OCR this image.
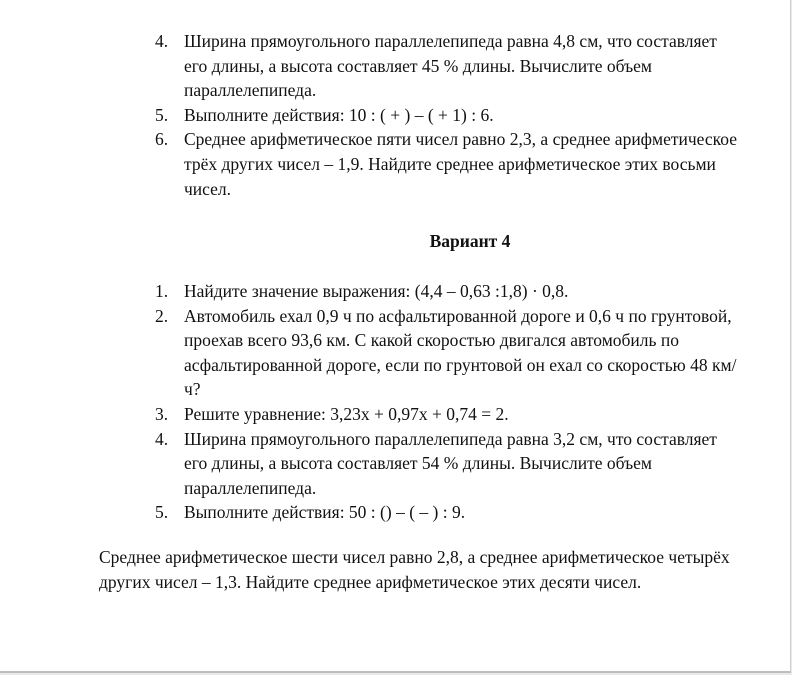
4. Ширина прямоугольного параллелепипеда равна 4,8 см, что составляет его длины, а высота составляет 45 % длины. Вычислите объем параллелепипеда.
5. Выполните действия: 10 : ( + ) – ( + 1) : 6.
6. Среднее арифметическое пяти чисел равно 2,3, а среднее арифметическое трёх других чисел – 1,9. Найдите среднее арифметическое этих восьми чисел.
Вариант 4
1. Найдите значение выражения: (4,4 – 0,63 :1,8) · 0,8.
2. Автомобиль ехал 0,9 ч по асфальтированной дороге и 0,6 ч по грунтовой, проехав всего 93,6 км. С какой скоростью двигался автомобиль по асфальтированной дороге, если по грунтовой он ехал со скоростью 48 км/ч?
3. Решите уравнение: 3,23x + 0,97x + 0,74 = 2.
4. Ширина прямоугольного параллелепипеда равна 3,2 см, что составляет его длины, а высота составляет 54 % длины. Вычислите объем параллелепипеда.
5. Выполните действия: 50 : () – ( – ) : 9.

Среднее арифметическое шести чисел равно 2,8, а среднее арифметическое четырёх других чисел – 1,3. Найдите среднее арифметическое этих десяти чисел.
